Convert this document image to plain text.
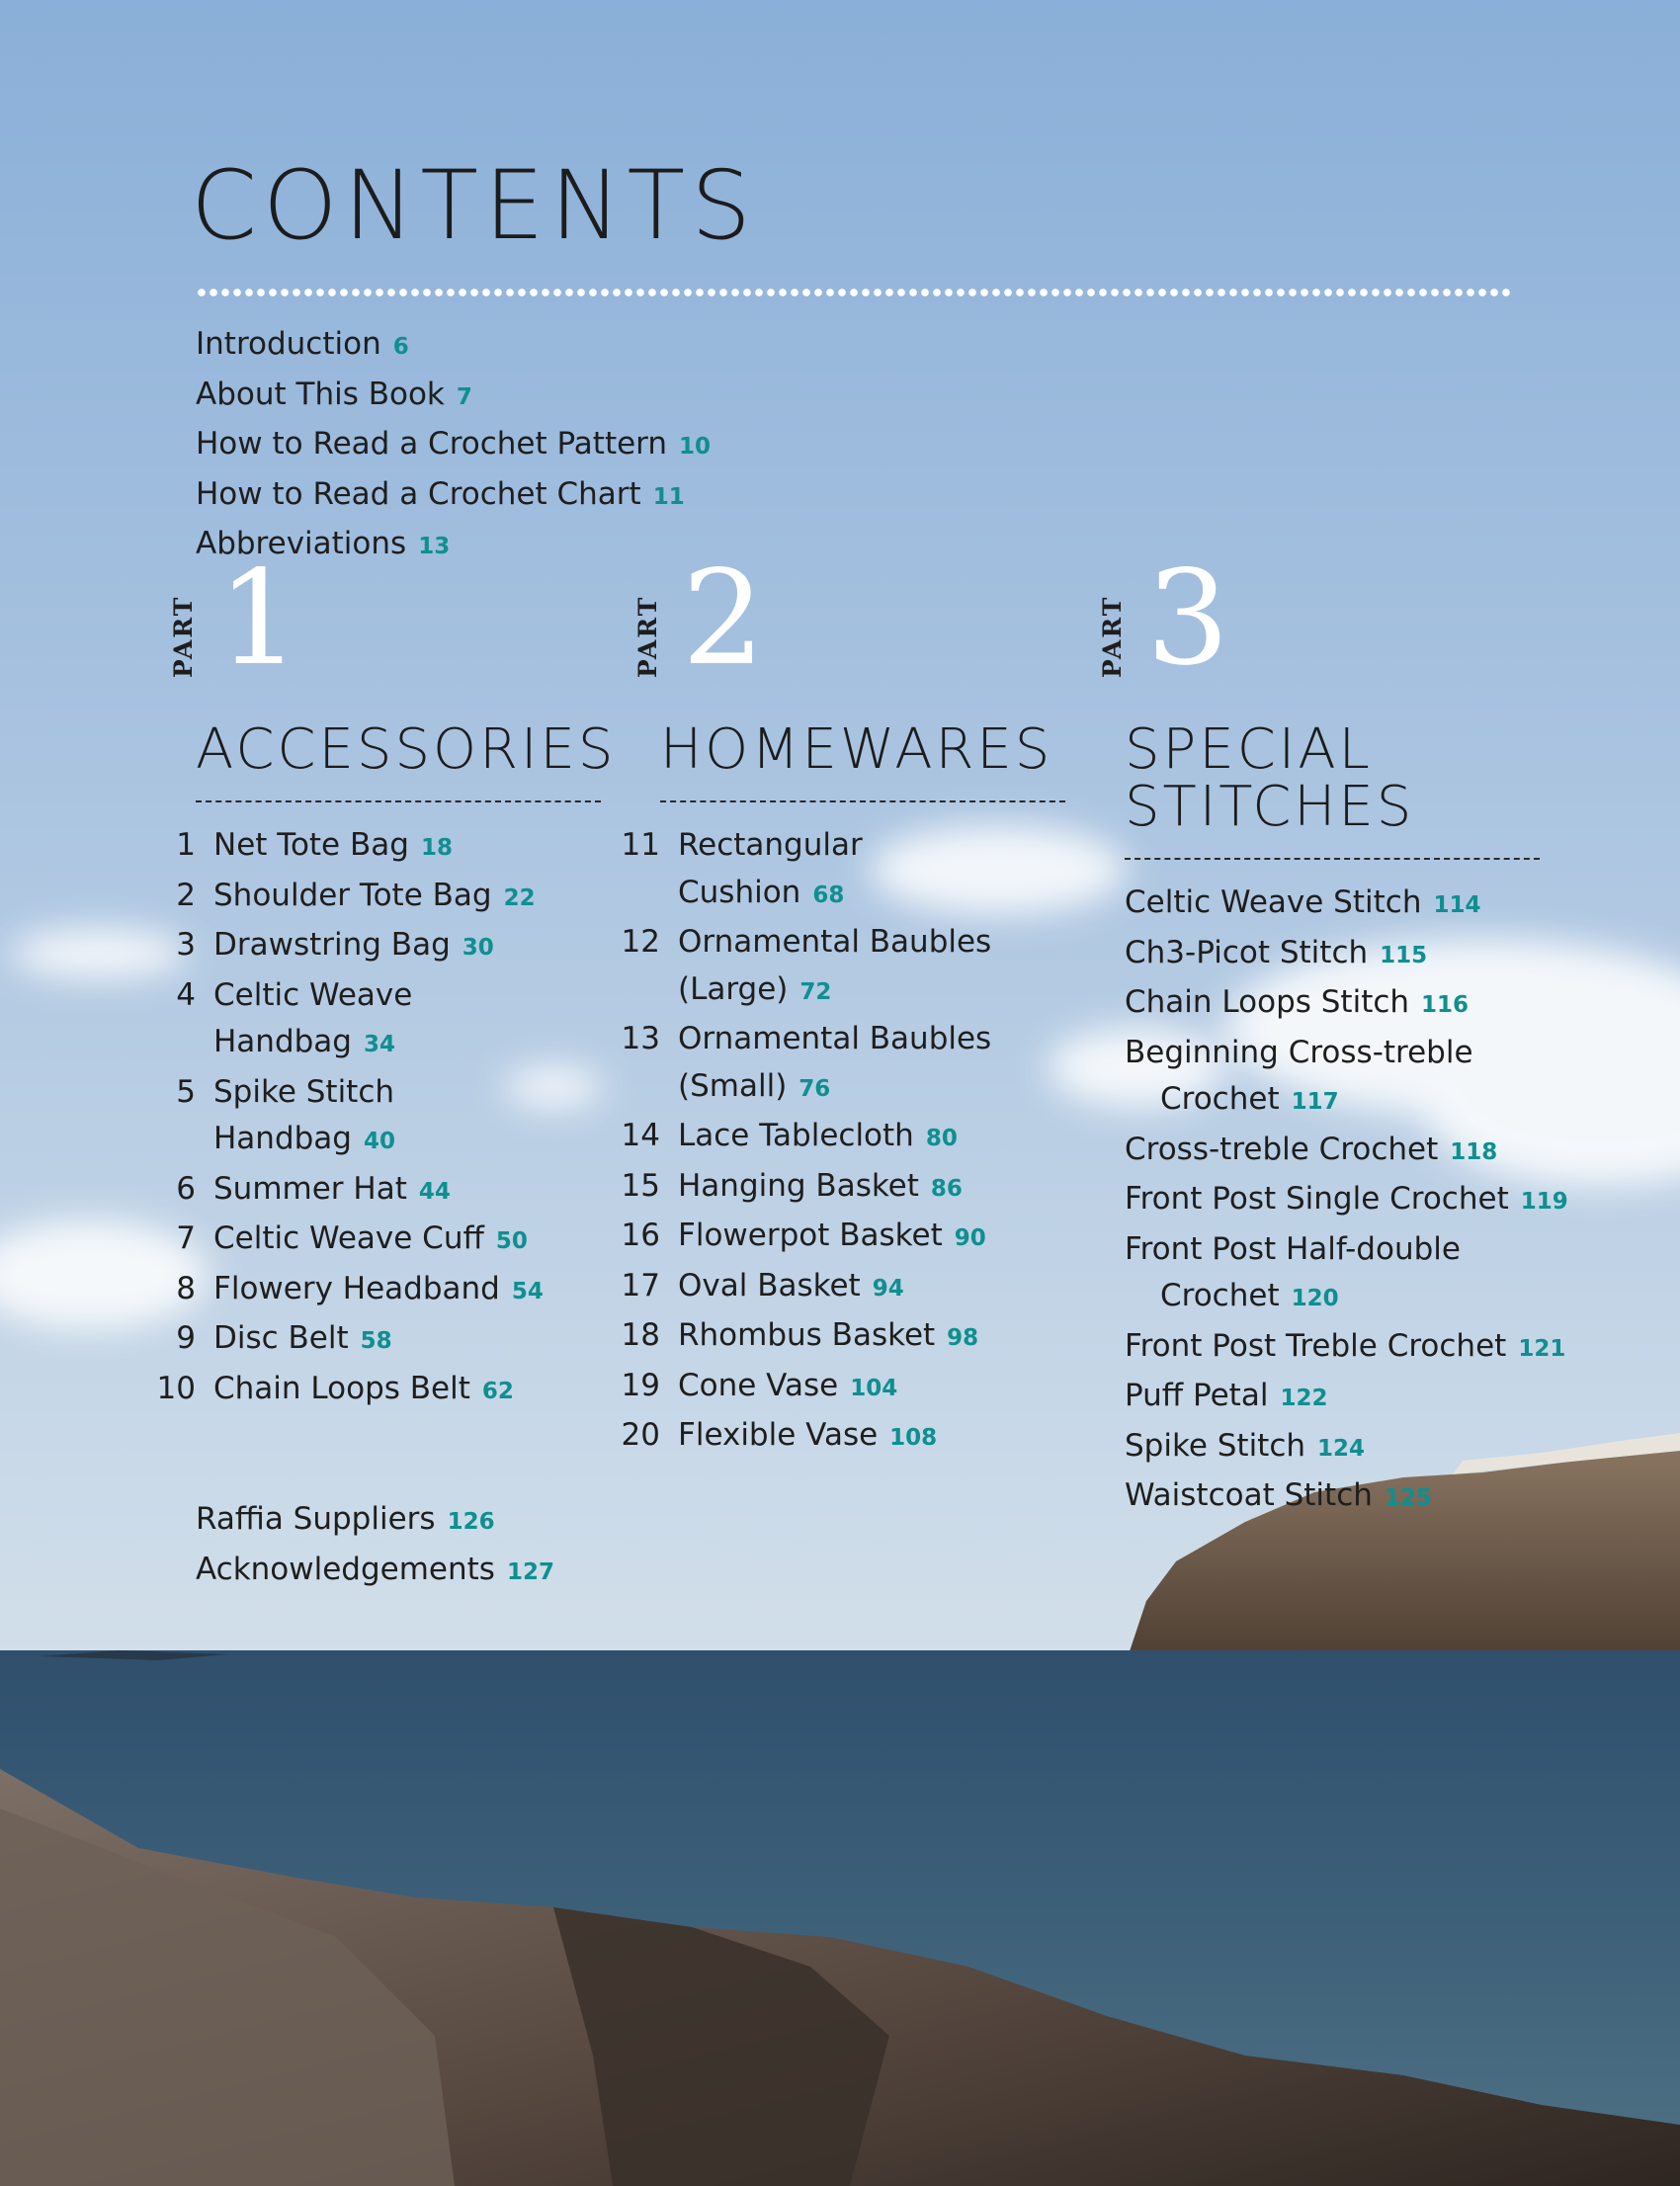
CONTENTS
Introduction 6
About This Book 7
How to Read a Crochet Pattern 10
How to Read a Crochet Chart 11
Abbreviations 13
PART 1
ACCESSORIES
1 Net Tote Bag 18
2 Shoulder Tote Bag 22
3 Drawstring Bag 30
4 Celtic Weave Handbag 34
5 Spike Stitch Handbag 40
6 Summer Hat 44
7 Celtic Weave Cuff 50
8 Flowery Headband 54
9 Disc Belt 58
10 Chain Loops Belt 62
PART 2
HOMEWARES
11 Rectangular Cushion 68
12 Ornamental Baubles (Large) 72
13 Ornamental Baubles (Small) 76
14 Lace Tablecloth 80
15 Hanging Basket 86
16 Flowerpot Basket 90
17 Oval Basket 94
18 Rhombus Basket 98
19 Cone Vase 104
20 Flexible Vase 108
PART 3
SPECIAL STITCHES
Celtic Weave Stitch 114
Ch3-Picot Stitch 115
Chain Loops Stitch 116
Beginning Cross-treble Crochet 117
Cross-treble Crochet 118
Front Post Single Crochet 119
Front Post Half-double Crochet 120
Front Post Treble Crochet 121
Puff Petal 122
Spike Stitch 124
Waistcoat Stitch 125
Raffia Suppliers 126
Acknowledgements 127
